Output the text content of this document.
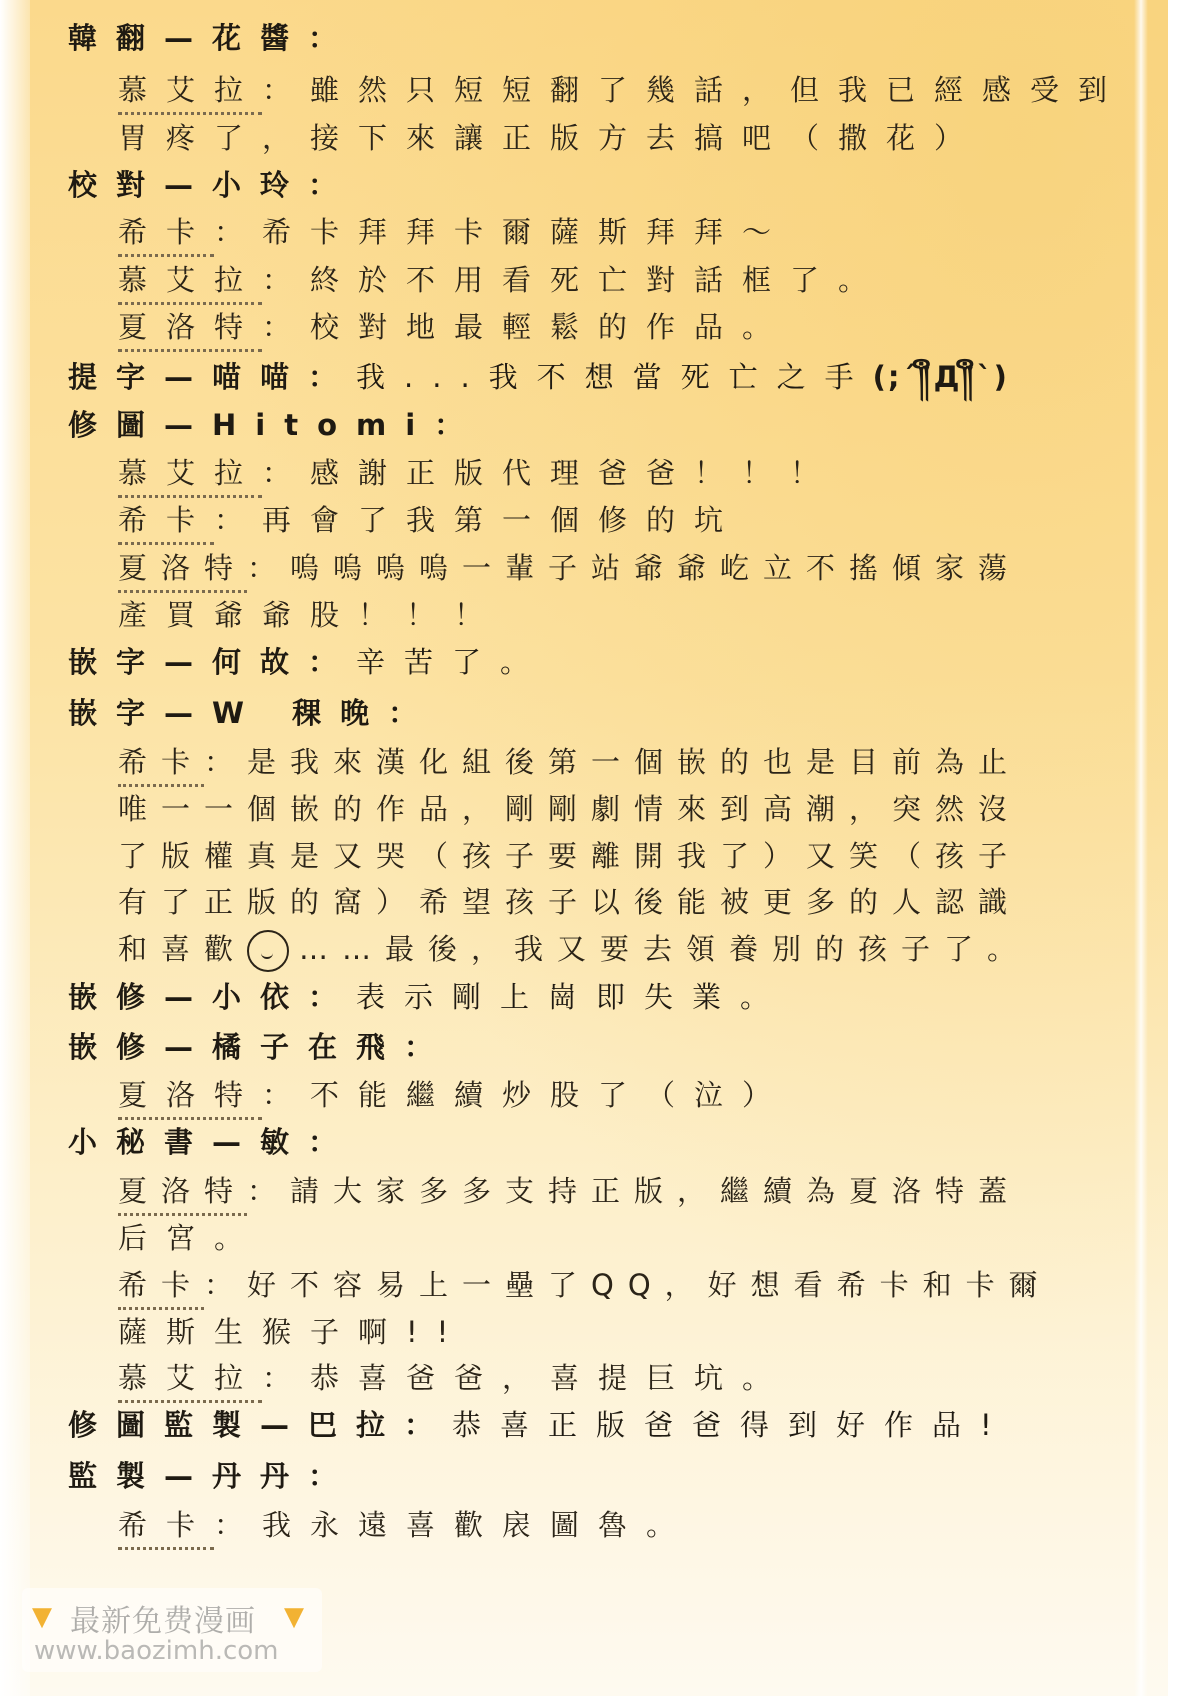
韓翻—花醬：
慕艾拉：雖然只短短翻了幾話，但我已經感受到
胃疼了，接下來讓正版方去搞吧（撒花）
校對—小玲：
希卡：希卡拜拜卡爾薩斯拜拜～
慕艾拉：終於不用看死亡對話框了。
夏洛特：校對地最輕鬆的作品。
提字—喵喵：我...我不想當死亡之手(;´༎ຶД༎ຶ`)
修圖—Hitomi：
慕艾拉：感謝正版代理爸爸！！！
希卡：再會了我第一個修的坑
夏洛特：嗚嗚嗚嗚一輩子站爺爺屹立不搖傾家蕩
產買爺爺股！！！
嵌字—何故：辛苦了。
嵌字—W 稞晚：
希卡：是我來漢化組後第一個嵌的也是目前為止
唯一一個嵌的作品，剛剛劇情來到高潮，突然沒
了版權真是又哭（孩子要離開我了）又笑（孩子
有了正版的窩）希望孩子以後能被更多的人認識
和喜歡 ……最後，我又要去領養別的孩子了。
嵌修—小依：表示剛上崗即失業。
嵌修—橘子在飛：
夏洛特：不能繼續炒股了（泣）
小秘書—敏：
夏洛特：請大家多多支持正版，繼續為夏洛特蓋
后宮。
希卡：好不容易上一壘了QQ，好想看希卡和卡爾
薩斯生猴子啊!!
慕艾拉：恭喜爸爸，喜提巨坑。
修圖監製—巴拉：恭喜正版爸爸得到好作品!
監製—丹丹：
希卡：我永遠喜歡扆圖魯。
▼ 最新免费漫画 ▼
www.baozimh.com
